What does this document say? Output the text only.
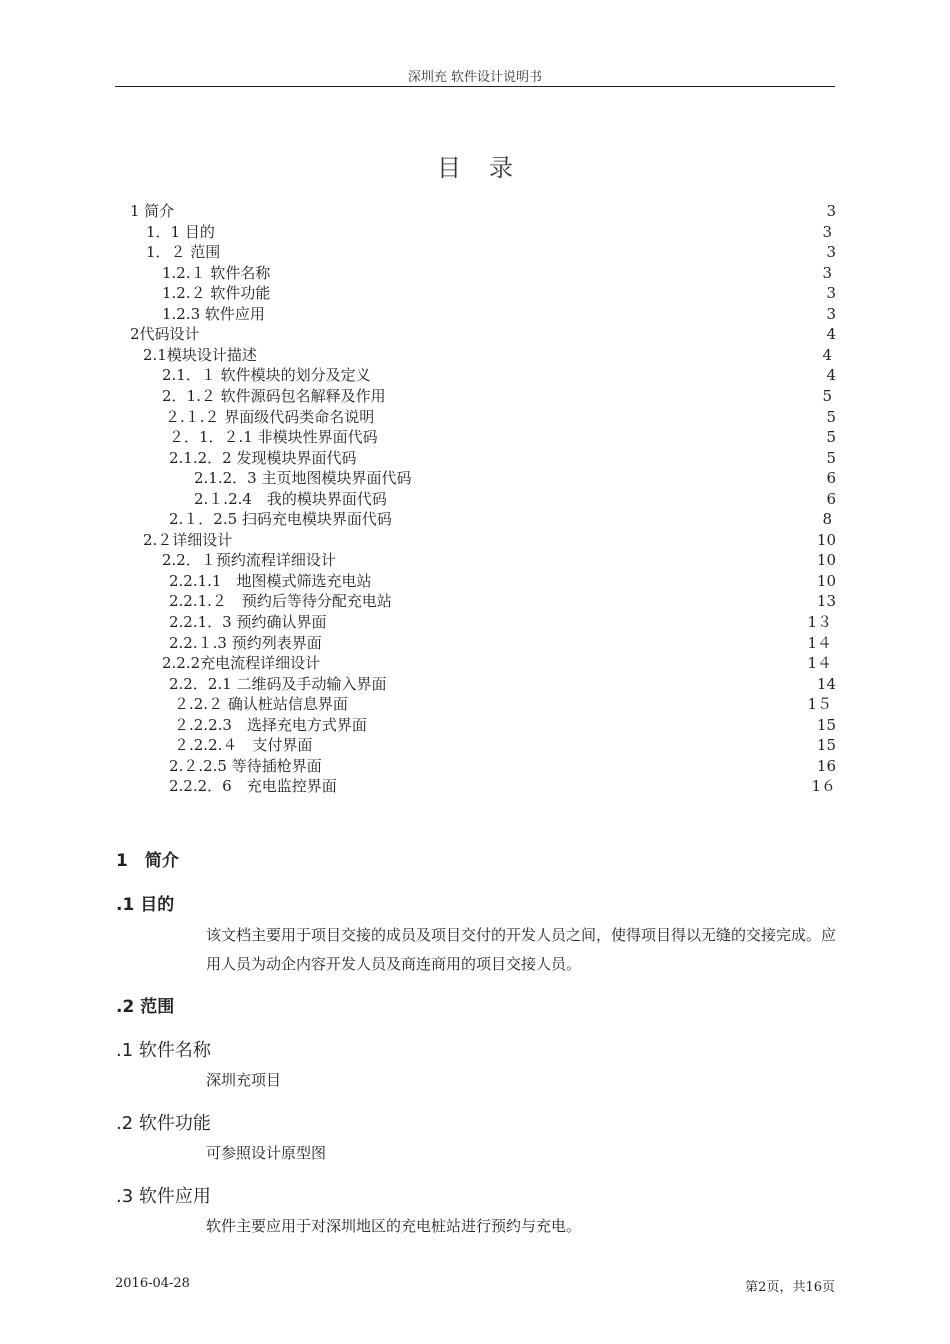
深圳充 软件设计说明书
目录
1 简介	3
1．1 目的	3
1．２ 范围	3
1.2.１ 软件名称	3
1.2.２ 软件功能	3
1.2.3 软件应用	3
2代码设计	4
2.1模块设计描述	4
2.1．１ 软件模块的划分及定义	4
2．1.２ 软件源码包名解释及作用	5
２.１.２ 界面级代码类命名说明	5
２．1．２.1 非模块性界面代码	5
2.1.2．2 发现模块界面代码	5
2.1.2．3 主页地图模块界面代码	6
2.１.2.4　我的模块界面代码	6
2.１．2.5 扫码充电模块界面代码	8
2.２详细设计	10
2.2．１预约流程详细设计	10
2.2.1.1　地图模式筛选充电站	10
2.2.1.２　预约后等待分配充电站	13
2.2.1．3 预约确认界面	1３
2.2.１.3 预约列表界面	1４
2.2.2充电流程详细设计	1４
2.2．2.1 二维码及手动输入界面	14
２.2.２ 确认桩站信息界面	1５
２.2.2.3　选择充电方式界面	15
２.2.2.４　支付界面	15
2.２.2.5 等待插枪界面	16
2.2.2．6　充电监控界面	1６
1　简介
.1 目的
该文档主要用于项目交接的成员及项目交付的开发人员之间，使得项目得以无缝的交接完成。应用人员为动企内容开发人员及商连商用的项目交接人员。
.2 范围
.1 软件名称
深圳充项目
.2 软件功能
可参照设计原型图
.3 软件应用
软件主要应用于对深圳地区的充电桩站进行预约与充电。
2016-04-28	第2页，共16页
